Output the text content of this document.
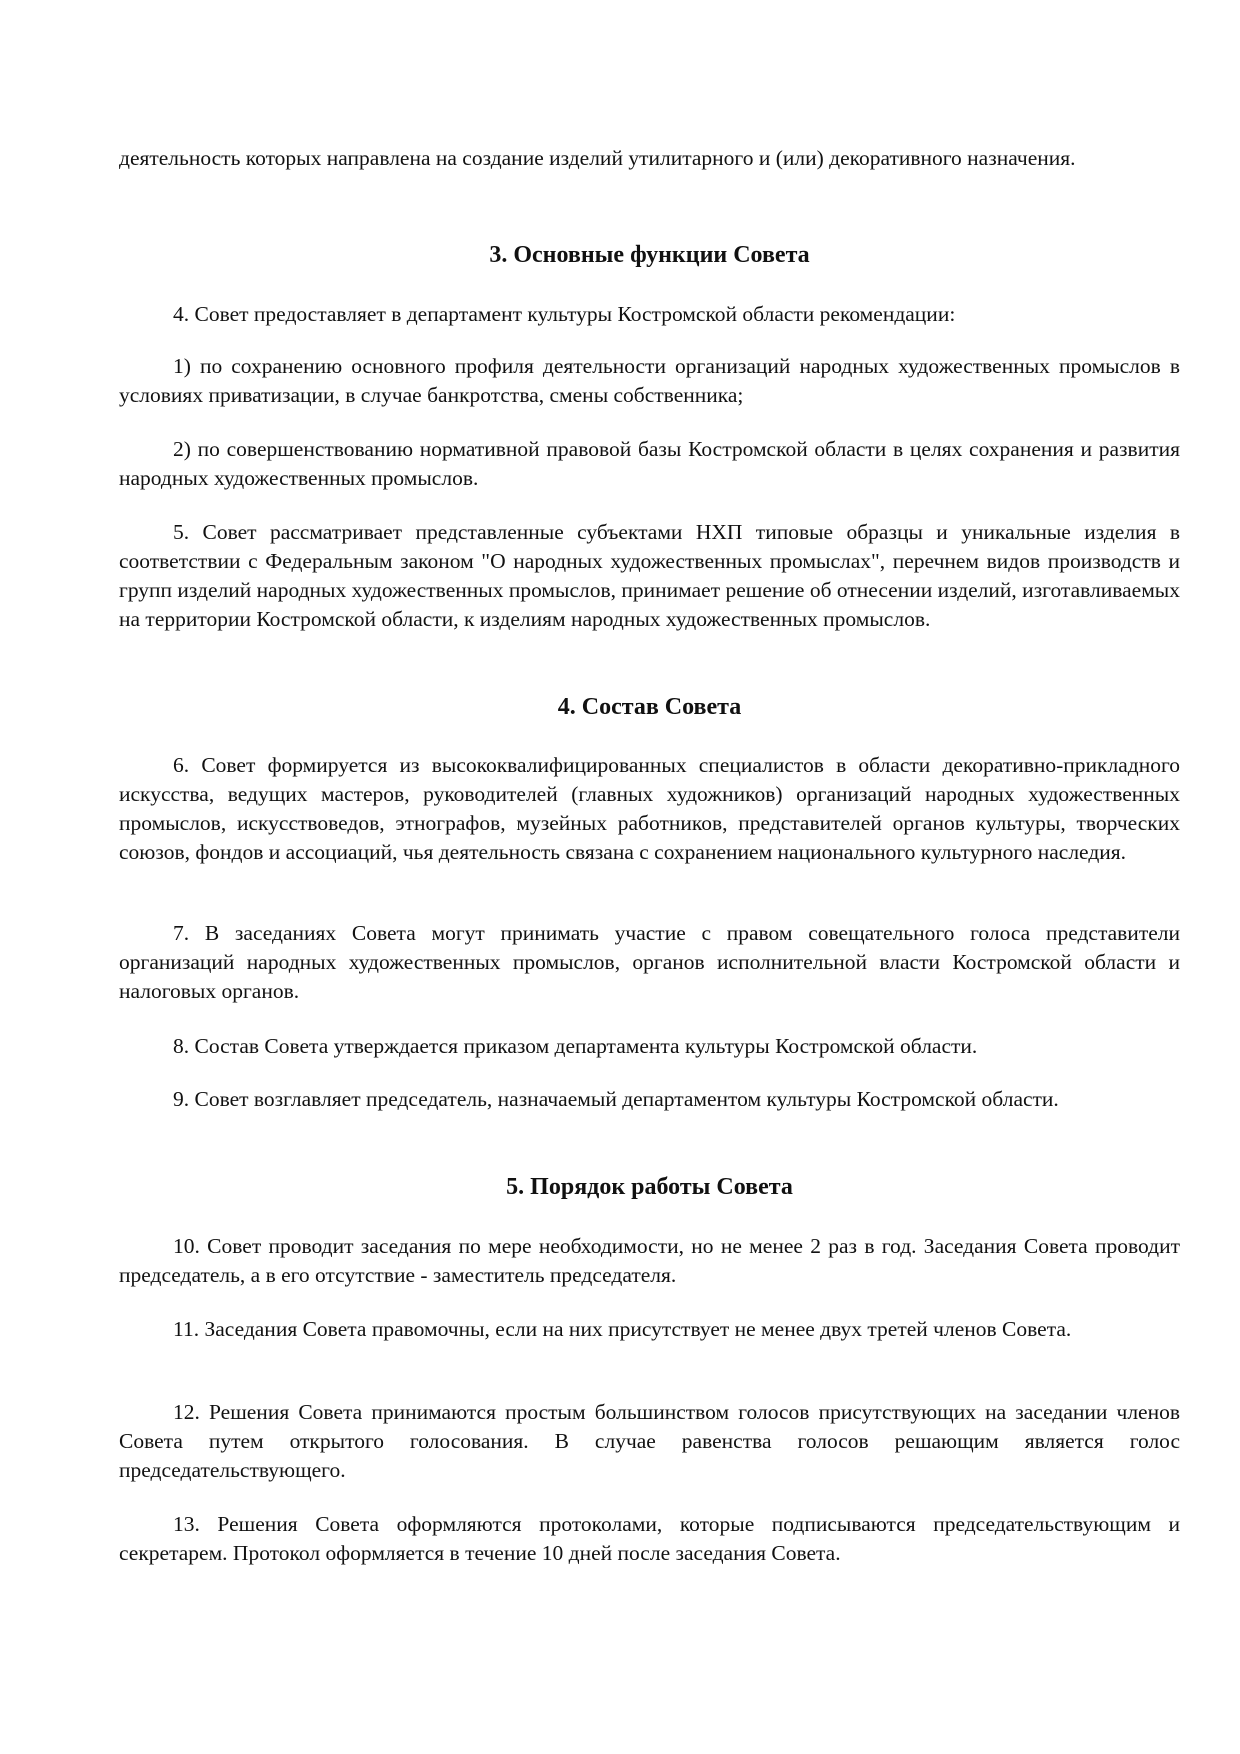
деятельность которых направлена на создание изделий утилитарного и (или) декоративного назначения.
3. Основные функции Совета
4. Совет предоставляет в департамент культуры Костромской области рекомендации:
1) по сохранению основного профиля деятельности организаций народных художественных промыслов в условиях приватизации, в случае банкротства, смены собственника;
2) по совершенствованию нормативной правовой базы Костромской области в целях сохранения и развития народных художественных промыслов.
5. Совет рассматривает представленные субъектами НХП типовые образцы и уникальные изделия в соответствии с Федеральным законом "О народных художественных промыслах", перечнем видов производств и групп изделий народных художественных промыслов, принимает решение об отнесении изделий, изготавливаемых на территории Костромской области, к изделиям народных художественных промыслов.
4. Состав Совета
6. Совет формируется из высококвалифицированных специалистов в области декоративно-прикладного искусства, ведущих мастеров, руководителей (главных художников) организаций народных художественных промыслов, искусствоведов, этнографов, музейных работников, представителей органов культуры, творческих союзов, фондов и ассоциаций, чья деятельность связана с сохранением национального культурного наследия.
7. В заседаниях Совета могут принимать участие с правом совещательного голоса представители организаций народных художественных промыслов, органов исполнительной власти Костромской области и налоговых органов.
8. Состав Совета утверждается приказом департамента культуры Костромской области.
9. Совет возглавляет председатель, назначаемый департаментом культуры Костромской области.
5. Порядок работы Совета
10. Совет проводит заседания по мере необходимости, но не менее 2 раз в год. Заседания Совета проводит председатель, а в его отсутствие - заместитель председателя.
11. Заседания Совета правомочны, если на них присутствует не менее двух третей членов Совета.
12. Решения Совета принимаются простым большинством голосов присутствующих на заседании членов Совета путем открытого голосования. В случае равенства голосов решающим является голос председательствующего.
13. Решения Совета оформляются протоколами, которые подписываются председательствующим и секретарем. Протокол оформляется в течение 10 дней после заседания Совета.
